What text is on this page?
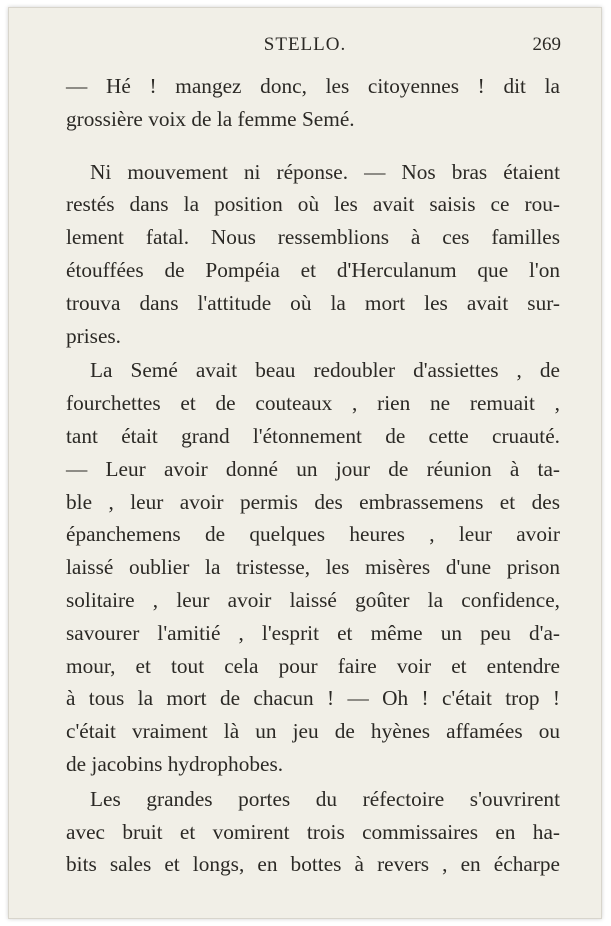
STELLO.	269

— Hé ! mangez donc, les citoyennes ! dit la

grossière voix de la femme Semé.

Ni mouvement ni réponse. — Nos bras étaient

restés dans la position où les avait saisis ce rou-

lement fatal. Nous ressemblions à ces familles

étouffées de Pompéia et d'Herculanum que l'on

trouva dans l'attitude où la mort les avait sur-

prises.

La Semé avait beau redoubler d'assiettes , de

fourchettes et de couteaux , rien ne remuait ,

tant était grand l'étonnement de cette cruauté.

— Leur avoir donné un jour de réunion à ta-

ble , leur avoir permis des embrassemens et des

épanchemens de quelques heures , leur avoir

laissé oublier la tristesse, les misères d'une prison

solitaire , leur avoir laissé goûter la confidence,

savourer l'amitié , l'esprit et même un peu d'a-

mour, et tout cela pour faire voir et entendre

à tous la mort de chacun ! — Oh ! c'était trop !

c'était vraiment là un jeu de hyènes affamées ou

de jacobins hydrophobes.

Les grandes portes du réfectoire s'ouvrirent

avec bruit et vomirent trois commissaires en ha-

bits sales et longs, en bottes à revers , en écharpe
